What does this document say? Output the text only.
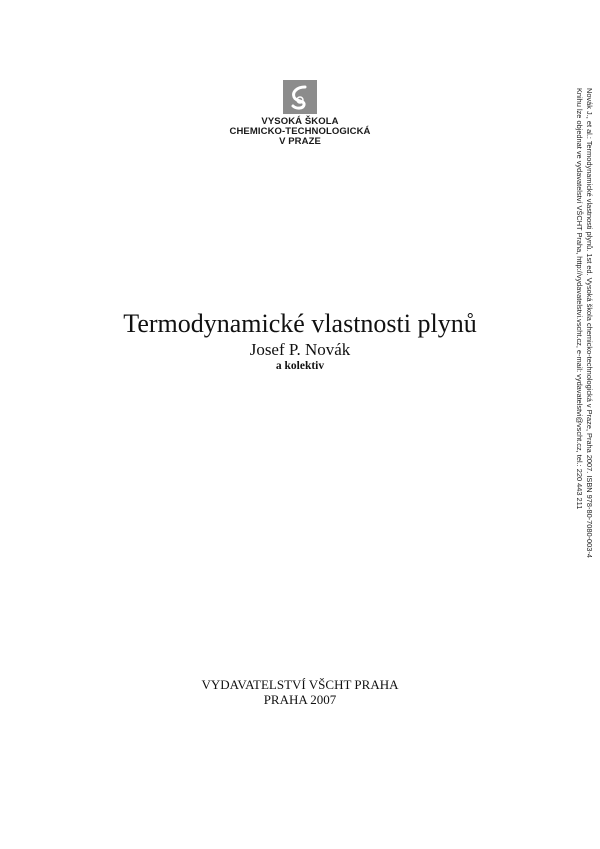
VYSOKÁ ŠKOLA
CHEMICKO-TECHNOLOGICKÁ
V PRAZE
Termodynamické vlastnosti plynů
Josef P. Novák
a kolektiv
VYDAVATELSTVÍ VŠCHT PRAHA
PRAHA 2007
Novák J., et al.: Termodynamické vlastnosti plynů. 1st ed. Vysoká škola chemicko-technologická v Praze, Praha 2007. ISBN 978-80-7080-003-4
Knihu lze objednat ve vydavatelství VŠCHT Praha, http://vydavatelstvi.vscht.cz, e-mail: vydavatelstvi@vscht.cz, tel.: 220 443 211
